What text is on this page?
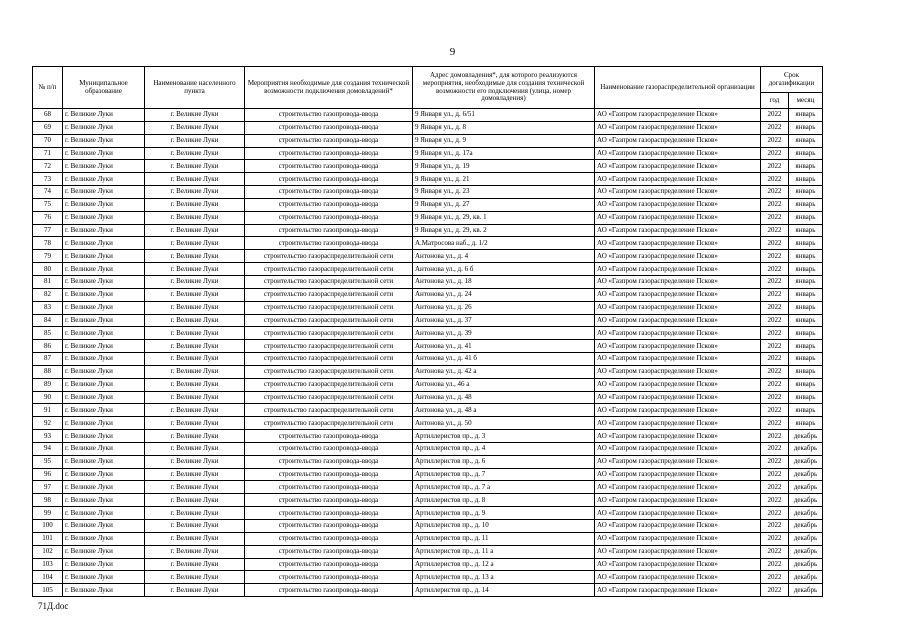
9
№ п/п	Муниципальное образование	Наименование населенного пункта	Мероприятия необходимые для создания технической возможности подключения домовладений*	Адрес домовладения*, для которого реализуются мероприятия, необходимые для создания технической возможности его подключения (улица, номер домовладения)	Наименование газораспределительной организации	Срок догазификации	
						год	месяц
68	г. Великие Луки	г. Великие Луки	строительство газопровода-ввода	9 Января ул., д. 6/51	АО «Газпром газораспределение Псков»	2022	январь
69	г. Великие Луки	г. Великие Луки	строительство газопровода-ввода	9 Января ул., д. 8	АО «Газпром газораспределение Псков»	2022	январь
70	г. Великие Луки	г. Великие Луки	строительство газопровода-ввода	9 Января ул., д. 9	АО «Газпром газораспределение Псков»	2022	январь
71	г. Великие Луки	г. Великие Луки	строительство газопровода-ввода	9 Января ул., д. 17а	АО «Газпром газораспределение Псков»	2022	январь
72	г. Великие Луки	г. Великие Луки	строительство газопровода-ввода	9 Января ул., д. 19	АО «Газпром газораспределение Псков»	2022	январь
73	г. Великие Луки	г. Великие Луки	строительство газопровода-ввода	9 Января ул., д. 21	АО «Газпром газораспределение Псков»	2022	январь
74	г. Великие Луки	г. Великие Луки	строительство газопровода-ввода	9 Января ул., д. 23	АО «Газпром газораспределение Псков»	2022	январь
75	г. Великие Луки	г. Великие Луки	строительство газопровода-ввода	9 Января ул., д. 27	АО «Газпром газораспределение Псков»	2022	январь
76	г. Великие Луки	г. Великие Луки	строительство газопровода-ввода	9 Января ул., д. 29, кв. 1	АО «Газпром газораспределение Псков»	2022	январь
77	г. Великие Луки	г. Великие Луки	строительство газопровода-ввода	9 Января ул., д. 29, кв. 2	АО «Газпром газораспределение Псков»	2022	январь
78	г. Великие Луки	г. Великие Луки	строительство газопровода-ввода	А.Матросова наб., д. 1/2	АО «Газпром газораспределение Псков»	2022	январь
79	г. Великие Луки	г. Великие Луки	строительство газораспределительной сети	Антонова ул., д. 4	АО «Газпром газораспределение Псков»	2022	январь
80	г. Великие Луки	г. Великие Луки	строительство газораспределительной сети	Антонова ул., д. 6 б	АО «Газпром газораспределение Псков»	2022	январь
81	г. Великие Луки	г. Великие Луки	строительство газораспределительной сети	Антонова ул., д. 18	АО «Газпром газораспределение Псков»	2022	январь
82	г. Великие Луки	г. Великие Луки	строительство газораспределительной сети	Антонова ул., д. 24	АО «Газпром газораспределение Псков»	2022	январь
83	г. Великие Луки	г. Великие Луки	строительство газораспределительной сети	Антонова ул., д. 26	АО «Газпром газораспределение Псков»	2022	январь
84	г. Великие Луки	г. Великие Луки	строительство газораспределительной сети	Антонова ул., д. 37	АО «Газпром газораспределение Псков»	2022	январь
85	г. Великие Луки	г. Великие Луки	строительство газораспределительной сети	Антонова ул., д. 39	АО «Газпром газораспределение Псков»	2022	январь
86	г. Великие Луки	г. Великие Луки	строительство газораспределительной сети	Антонова ул., д. 41	АО «Газпром газораспределение Псков»	2022	январь
87	г. Великие Луки	г. Великие Луки	строительство газораспределительной сети	Антонова ул., д. 41 б	АО «Газпром газораспределение Псков»	2022	январь
88	г. Великие Луки	г. Великие Луки	строительство газораспределительной сети	Антонова ул., д. 42 а	АО «Газпром газораспределение Псков»	2022	январь
89	г. Великие Луки	г. Великие Луки	строительство газораспределительной сети	Антонова ул., 46 а	АО «Газпром газораспределение Псков»	2022	январь
90	г. Великие Луки	г. Великие Луки	строительство газораспределительной сети	Антонова ул., д. 48	АО «Газпром газораспределение Псков»	2022	январь
91	г. Великие Луки	г. Великие Луки	строительство газораспределительной сети	Антонова ул., д. 48 а	АО «Газпром газораспределение Псков»	2022	январь
92	г. Великие Луки	г. Великие Луки	строительство газораспределительной сети	Антонова ул., д. 50	АО «Газпром газораспределение Псков»	2022	январь
93	г. Великие Луки	г. Великие Луки	строительство газопровода-ввода	Артиллеристов пр., д. 3	АО «Газпром газораспределение Псков»	2022	декабрь
94	г. Великие Луки	г. Великие Луки	строительство газопровода-ввода	Артиллеристов пр., д. 4	АО «Газпром газораспределение Псков»	2022	декабрь
95	г. Великие Луки	г. Великие Луки	строительство газопровода-ввода	Артиллеристов пр., д. 6	АО «Газпром газораспределение Псков»	2022	декабрь
96	г. Великие Луки	г. Великие Луки	строительство газопровода-ввода	Артиллеристов пр., д. 7	АО «Газпром газораспределение Псков»	2022	декабрь
97	г. Великие Луки	г. Великие Луки	строительство газопровода-ввода	Артиллеристов пр., д. 7 а	АО «Газпром газораспределение Псков»	2022	декабрь
98	г. Великие Луки	г. Великие Луки	строительство газопровода-ввода	Артиллеристов пр., д. 8	АО «Газпром газораспределение Псков»	2022	декабрь
99	г. Великие Луки	г. Великие Луки	строительство газопровода-ввода	Артиллеристов пр., д. 9	АО «Газпром газораспределение Псков»	2022	декабрь
100	г. Великие Луки	г. Великие Луки	строительство газопровода-ввода	Артиллеристов пр., д. 10	АО «Газпром газораспределение Псков»	2022	декабрь
101	г. Великие Луки	г. Великие Луки	строительство газопровода-ввода	Артиллеристов пр., д. 11	АО «Газпром газораспределение Псков»	2022	декабрь
102	г. Великие Луки	г. Великие Луки	строительство газопровода-ввода	Артиллеристов пр., д. 11 а	АО «Газпром газораспределение Псков»	2022	декабрь
103	г. Великие Луки	г. Великие Луки	строительство газопровода-ввода	Артиллеристов пр., д. 12 а	АО «Газпром газораспределение Псков»	2022	декабрь
104	г. Великие Луки	г. Великие Луки	строительство газопровода-ввода	Артиллеристов пр., д. 13 а	АО «Газпром газораспределение Псков»	2022	декабрь
105	г. Великие Луки	г. Великие Луки	строительство газопровода-ввода	Артиллеристов пр., д. 14	АО «Газпром газораспределение Псков»	2022	декабрь
71Д.doc
